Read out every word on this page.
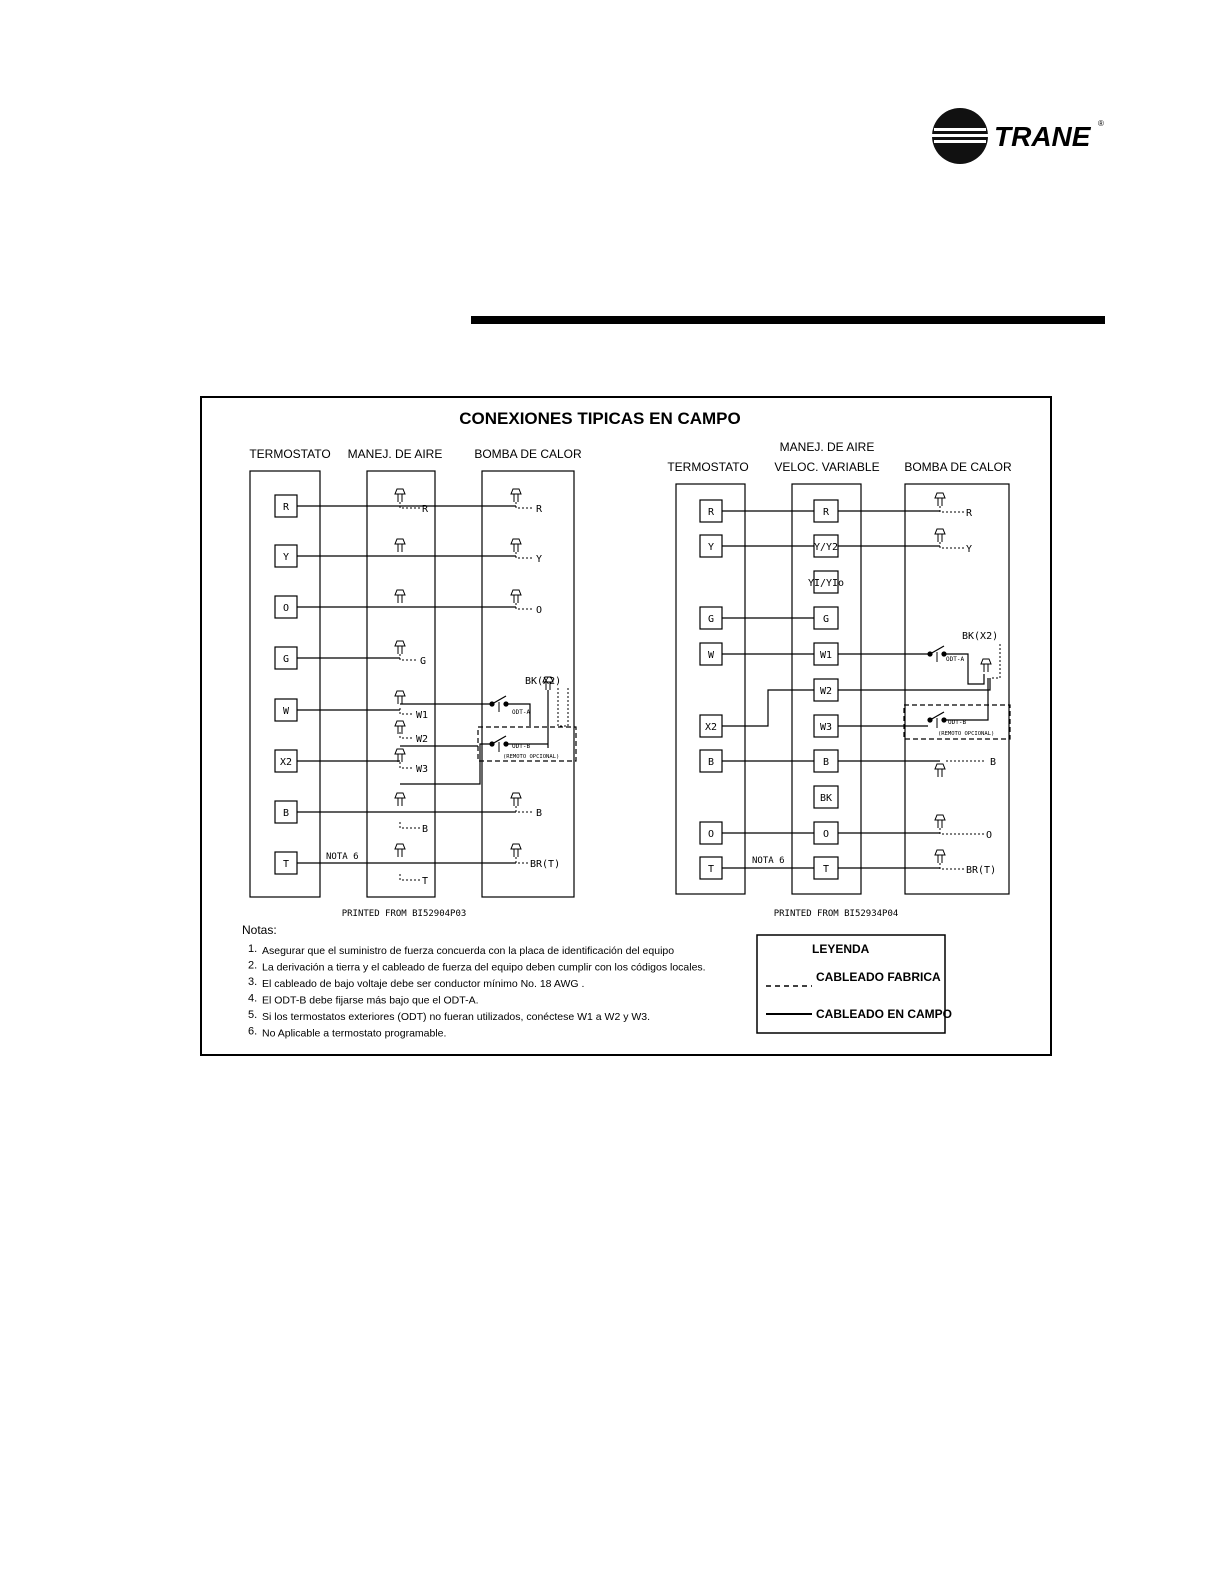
TRANE ®
CONEXIONES TIPICAS EN CAMPO
TERMOSTATO MANEJ. DE AIRE	BOMBA DE CALOR
R
Y
O
G
W
X2
B
T
R	R
Y
O
G
W1
W2
W3
B
B
T
BR(T)
BK(X2)
ODT-A
ODT-B
(REMOTO OPCIONAL)
NOTA 6
PRINTED FROM BI52904P03
TERMOSTATO
MANEJ. DE AIRE
VELOC. VARIABLE BOMBA DE CALOR
R
Y
G
W
X2
B
O
T
R
Y/Y2
YI/YIo
G
W1
W2
W3
B
BK
O
T
R
Y
B
O
BR(T)
BK(X2)
ODT-A
ODT-B
(REMOTO OPCIONAL)
NOTA 6
PRINTED FROM BI52934P04
Notas:
1. Asegurar que el suministro de fuerza concuerda con la placa de identificación del equipo
2. La derivación a tierra y el cableado de fuerza del equipo deben cumplir con los códigos locales.
3. El cableado de bajo voltaje debe ser conductor mínimo No. 18 AWG .
4. El ODT-B debe fijarse más bajo que el ODT-A.
5. Si los termostatos exteriores (ODT) no fueran utilizados, conéctese W1 a W2 y W3.
6. No Aplicable a termostato programable.
LEYENDA
CABLEADO FABRICA
CABLEADO EN CAMPO
